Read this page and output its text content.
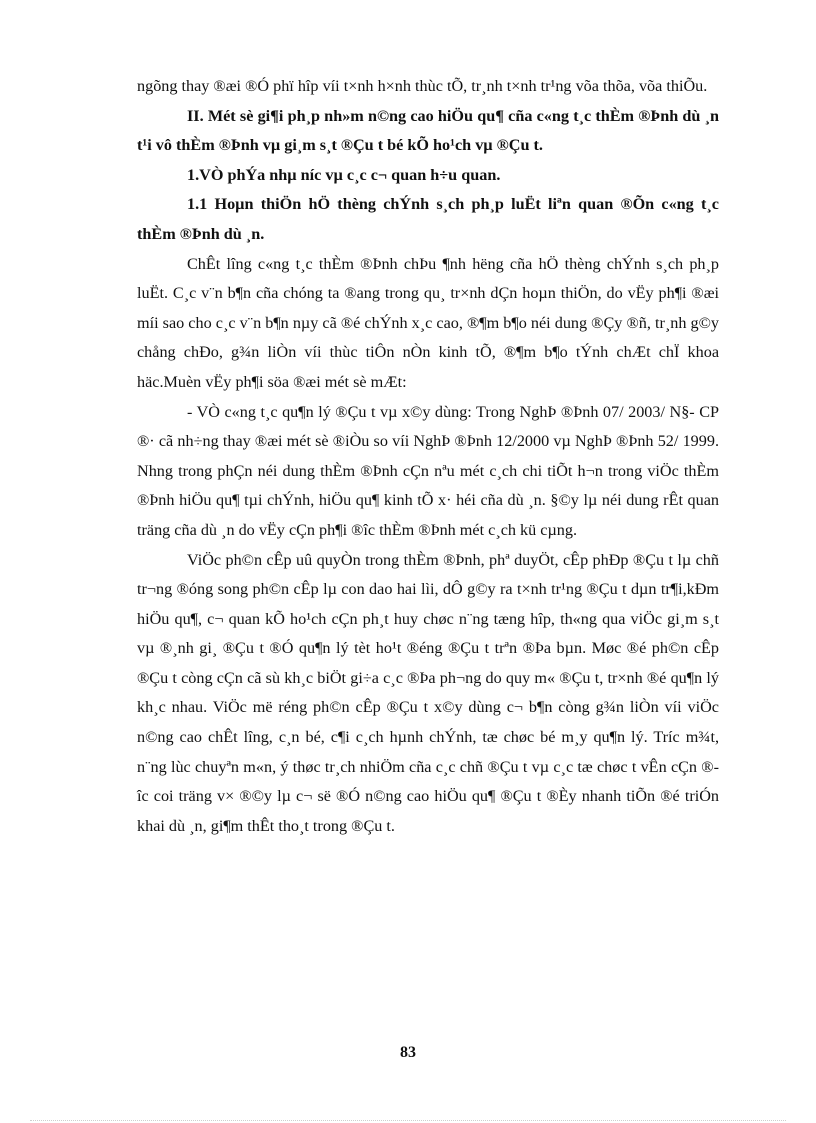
ngõng thay ®æi ®Ó phï hîp víi t×nh h×nh thùc tÕ, tr¸nh t×nh tr¹ng võa thõa, võa thiÕu.

II. Mét sè gi¶i ph¸p nh»m n©ng cao hiÖu qu¶ cña c«ng t¸c thÈm ®Þnh dù ¸n t¹i vô thÈm ®Þnh vµ gi¸m s¸t ®Çu t bé kÕ ho¹ch vµ ®Çu t.

1.VÒ phÝa nhµ níc vµ c¸c c¬ quan h÷u quan.

1.1 Hoµn thiÖn hÖ thèng chÝnh s¸ch ph¸p luËt liªn quan ®Õn c«ng t¸c thÈm ®Þnh dù ¸n.

ChÊt lîng c«ng t¸c thÈm ®Þnh chÞu ¶nh hëng cña hÖ thèng chÝnh s¸ch ph¸p luËt. C¸c v¨n b¶n cña chóng ta ®ang trong qu¸ tr×nh dÇn hoµn thiÖn, do vËy ph¶i ®æi míi sao cho c¸c v¨n b¶n nµy cã ®é chÝnh x¸c cao, ®¶m b¶o néi dung ®Çy ®ñ, tr¸nh g©y chång chÐo, g¾n liÒn víi thùc tiÔn nÒn kinh tÕ, ®¶m b¶o tÝnh chÆt chÏ khoa häc.Muèn vËy ph¶i söa ®æi mét sè mÆt:

- VÒ c«ng t¸c qu¶n lý ®Çu t vµ x©y dùng: Trong NghÞ ®Þnh 07/ 2003/ N§- CP ®· cã nh÷ng thay ®æi mét sè ®iÒu so víi NghÞ ®Þnh 12/2000 vµ NghÞ ®Þnh 52/ 1999. Nhng trong phÇn néi dung thÈm ®Þnh cÇn nªu mét c¸ch chi tiÕt h¬n trong viÖc thÈm ®Þnh hiÖu qu¶ tµi chÝnh, hiÖu qu¶ kinh tÕ x· héi cña dù ¸n. §©y lµ néi dung rÊt quan träng cña dù ¸n do vËy cÇn ph¶i ®îc thÈm ®Þnh mét c¸ch kü cµng.

ViÖc ph©n cÊp uû quyÒn trong thÈm ®Þnh, phª duyÖt, cÊp phÐp ®Çu t lµ chñ tr¬ng ®óng song ph©n cÊp lµ con dao hai lìi, dÔ g©y ra t×nh tr¹ng ®Çu t dµn tr¶i,kÐm hiÖu qu¶, c¬ quan kÕ ho¹ch cÇn ph¸t huy chøc n¨ng tæng hîp, th«ng qua viÖc gi¸m s¸t vµ ®¸nh gi¸ ®Çu t ®Ó qu¶n lý tèt ho¹t ®éng ®Çu t trªn ®Þa bµn. Møc ®é ph©n cÊp ®Çu t còng cÇn cã sù kh¸c biÖt gi÷a c¸c ®Þa ph¬ng do quy m« ®Çu t, tr×nh ®é qu¶n lý kh¸c nhau. ViÖc më réng ph©n cÊp ®Çu t x©y dùng c¬ b¶n còng g¾n liÒn víi viÖc n©ng cao chÊt lîng, c¸n bé, c¶i c¸ch hµnh chÝnh, tæ chøc bé m¸y qu¶n lý. Tríc m¾t, n¨ng lùc chuyªn m«n, ý thøc tr¸ch nhiÖm cña c¸c chñ ®Çu t vµ c¸c tæ chøc t vÊn cÇn ®îc coi träng v× ®©y lµ c¬ së ®Ó n©ng cao hiÖu qu¶ ®Çu t ®Èy nhanh tiÕn ®é triÓn khai dù ¸n, gi¶m thÊt tho¸t trong ®Çu t.

83
